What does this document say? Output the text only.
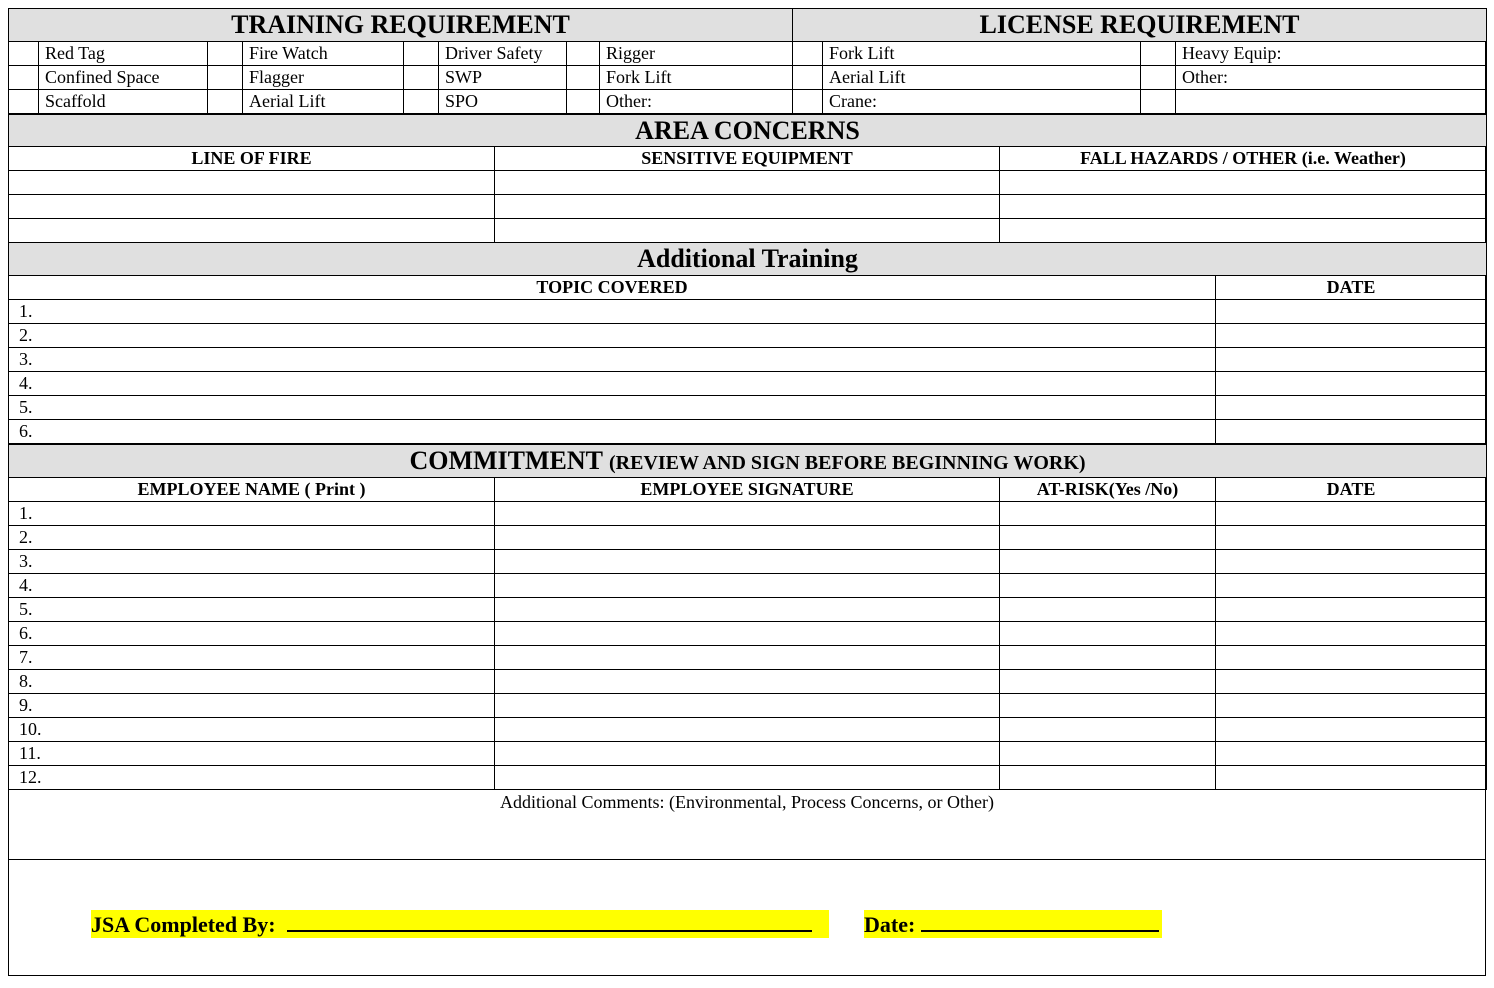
TRAINING REQUIREMENT								LICENSE REQUIREMENT			
	Red Tag		Fire Watch		Driver Safety		Rigger		Fork Lift		Heavy Equip:
	Confined Space		Flagger		SWP		Fork Lift		Aerial Lift		Other:
	Scaffold		Aerial Lift		SPO		Other:		Crane:		
AREA CONCERNS		
LINE OF FIRE	SENSITIVE EQUIPMENT	FALL HAZARDS / OTHER (i.e. Weather)

Additional Training	
TOPIC COVERED	DATE
1.	
2.	
3.	
4.	
5.	
6.	
COMMITMENT (REVIEW AND SIGN BEFORE BEGINNING WORK)			
EMPLOYEE NAME ( Print )	EMPLOYEE SIGNATURE	AT-RISK(Yes /No)	DATE
1.			
2.			
3.			
4.			
5.			
6.			
7.			
8.			
9.			
10.			
11.			
12.			
Additional Comments: (Environmental, Process Concerns, or Other)
JSA Completed By:	Date:
